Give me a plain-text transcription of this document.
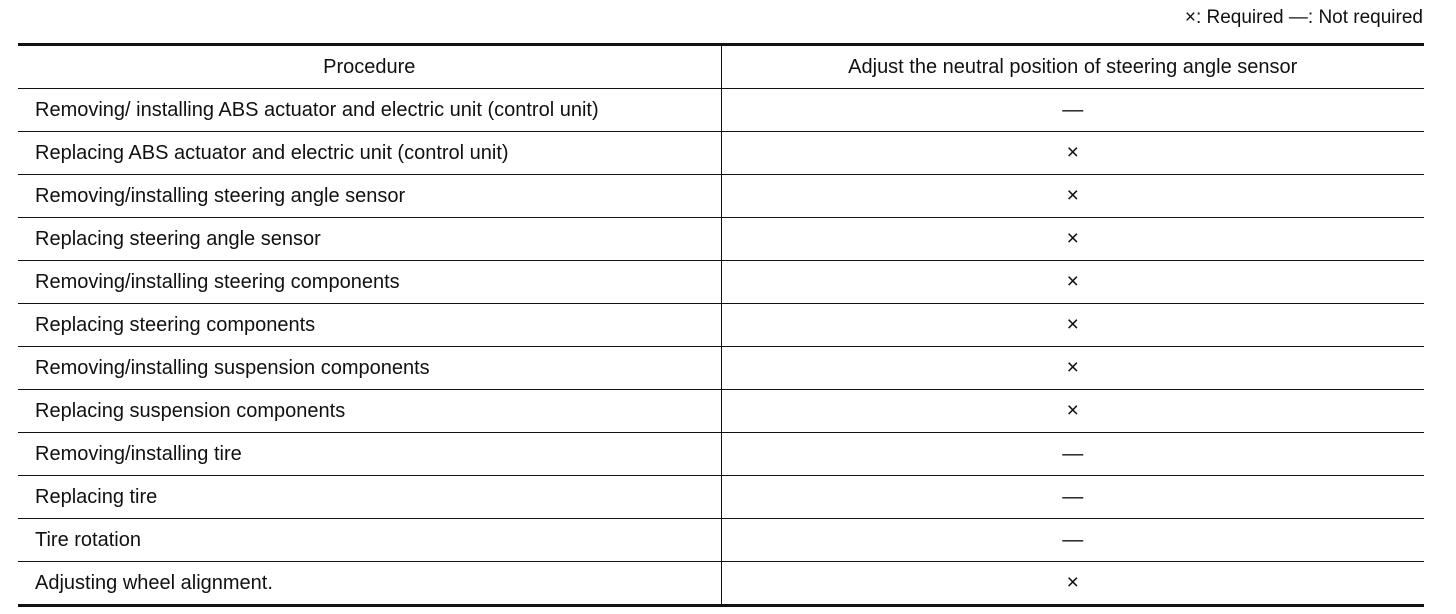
×: Required —: Not required
Procedure	Adjust the neutral position of steering angle sensor
Removing/ installing ABS actuator and electric unit (control unit)	—
Replacing ABS actuator and electric unit (control unit)	×
Removing/installing steering angle sensor	×
Replacing steering angle sensor	×
Removing/installing steering components	×
Replacing steering components	×
Removing/installing suspension components	×
Replacing suspension components	×
Removing/installing tire	—
Replacing tire	—
Tire rotation	—
Adjusting wheel alignment.	×
